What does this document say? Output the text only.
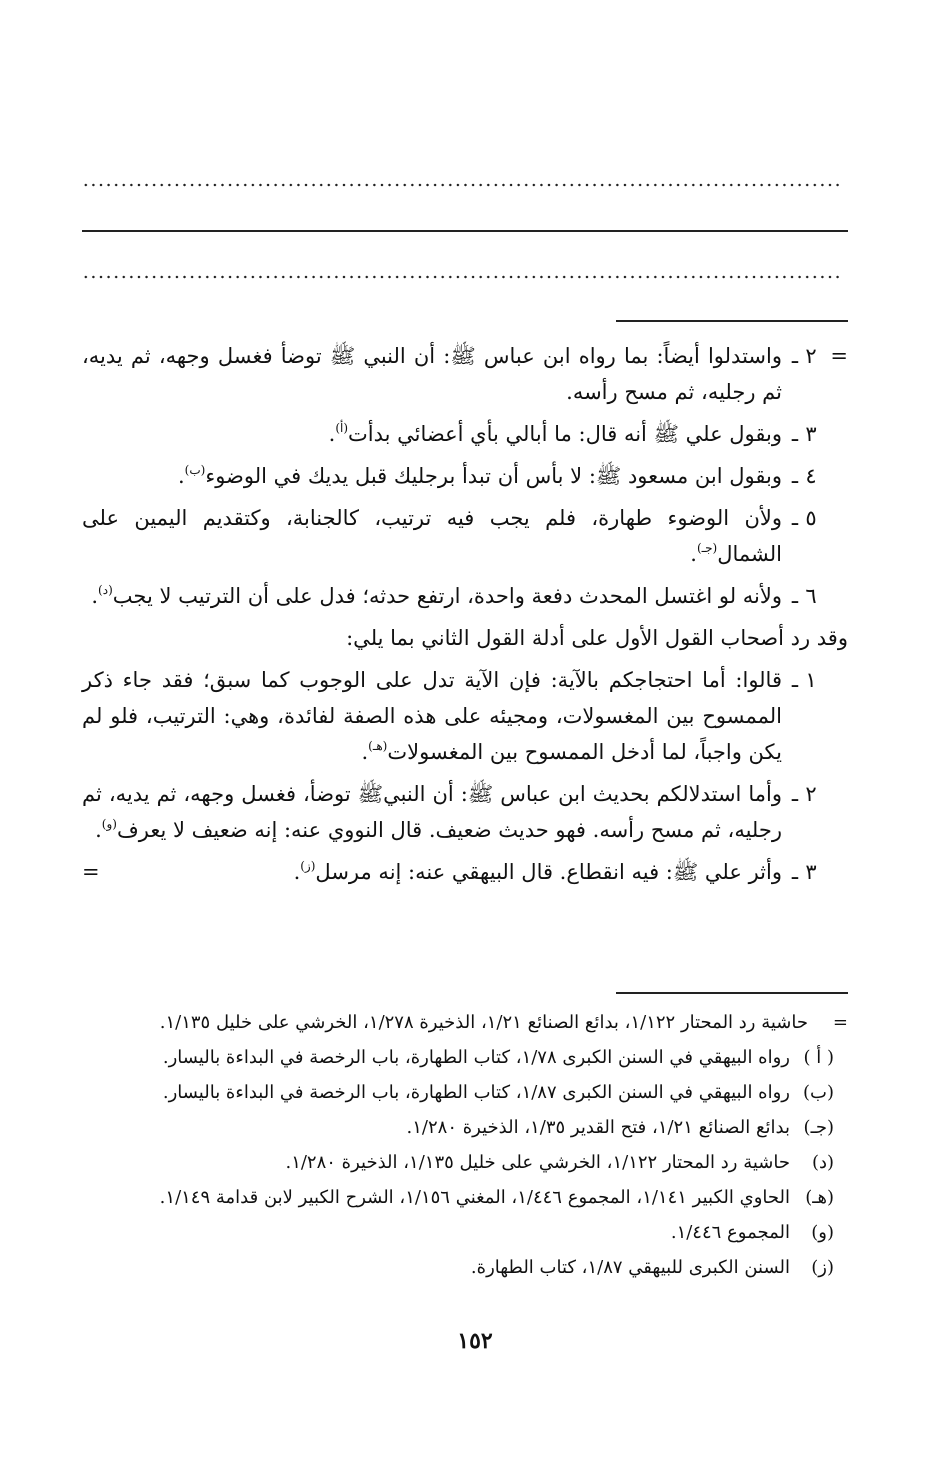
=
٢
ـ
واستدلوا أيضاً: بما رواه ابن عباس ﷺ: أن النبي ﷺ توضأ فغسل وجهه، ثم يديه، ثم رجليه، ثم مسح رأسه.
٣
ـ
وبقول علي ﷺ أنه قال: ما أبالي بأي أعضائي بدأت$^{(أ)}$.
٤
ـ
وبقول ابن مسعود ﷺ: لا بأس أن تبدأ برجليك قبل يديك في الوضوء$^{(ب)}$.
٥
ـ
ولأن الوضوء طهارة، فلم يجب فيه ترتيب، كالجنابة، وكتقديم اليمين على الشمال$^{(جـ)}$.
٦
ـ
ولأنه لو اغتسل المحدث دفعة واحدة، ارتفع حدثه؛ فدل على أن الترتيب لا يجب$^{(د)}$.
وقد رد أصحاب القول الأول على أدلة القول الثاني بما يلي:
١
ـ
قالوا: أما احتجاجكم بالآية: فإن الآية تدل على الوجوب كما سبق؛ فقد جاء ذكر الممسوح بين المغسولات، ومجيئه على هذه الصفة لفائدة، وهي: الترتيب، فلو لم يكن واجباً، لما أدخل الممسوح بين المغسولات$^{(هـ)}$.
٢
ـ
وأما استدلالكم بحديث ابن عباس ﷺ: أن النبيﷺ توضأ، فغسل وجهه، ثم يديه، ثم رجليه، ثم مسح رأسه. فهو حديث ضعيف. قال النووي عنه: إنه ضعيف لا يعرف$^{(و)}$.
٣
ـ
وأثر علي ﷺ: فيه انقطاع. قال البيهقي عنه: إنه مرسل$^{(ز)}$.
=
=
حاشية رد المحتار ١/١٢٢، بدائع الصنائع ١/٢١، الذخيرة ١/٢٧٨، الخرشي على خليل ١/١٣٥.
( أ )
رواه البيهقي في السنن الكبرى ١/٧٨، كتاب الطهارة، باب الرخصة في البداءة باليسار.
(ب)
رواه البيهقي في السنن الكبرى ١/٨٧، كتاب الطهارة، باب الرخصة في البداءة باليسار.
(جـ)
بدائع الصنائع ١/٢١، فتح القدير ١/٣٥، الذخيرة ١/٢٨٠.
(د)
حاشية رد المحتار ١/١٢٢، الخرشي على خليل ١/١٣٥، الذخيرة ١/٢٨٠.
(هـ)
الحاوي الكبير ١/١٤١، المجموع ١/٤٤٦، المغني ١/١٥٦، الشرح الكبير لابن قدامة ١/١٤٩.
(و)
المجموع ١/٤٤٦.
(ز)
السنن الكبرى للبيهقي ١/٨٧، كتاب الطهارة.
١٥٢
